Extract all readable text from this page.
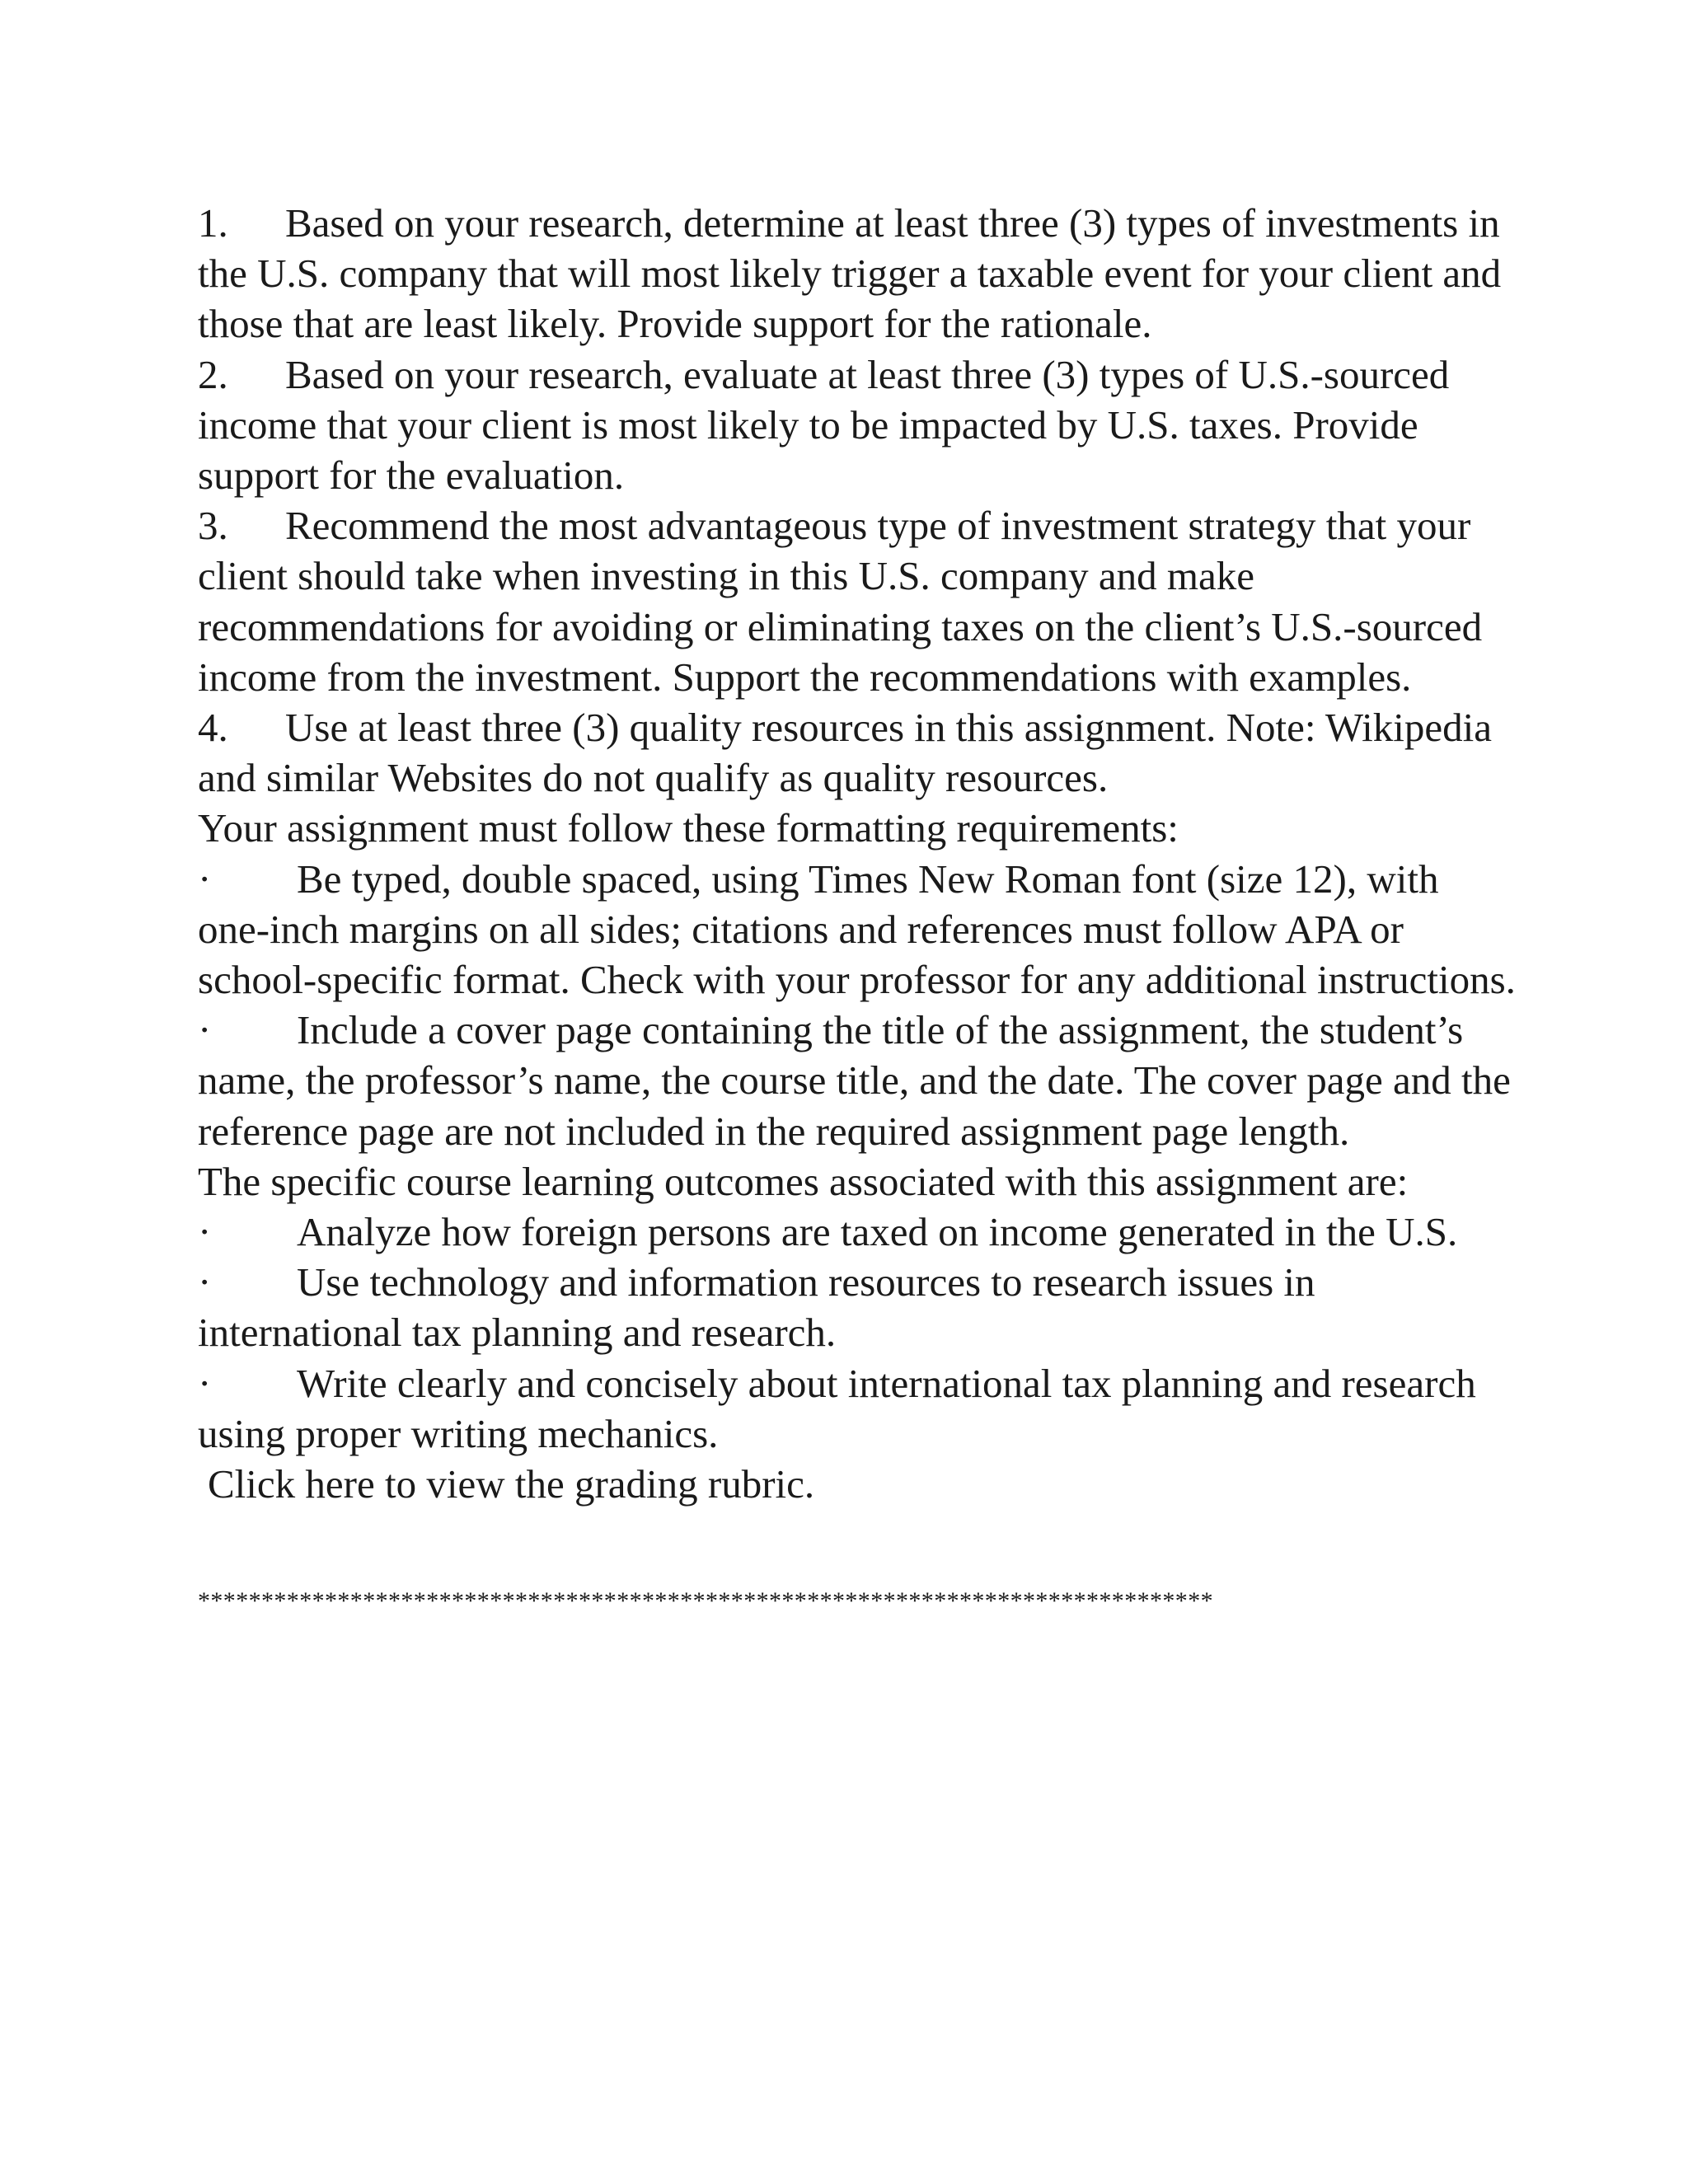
1. Based on your research, determine at least three (3) types of investments in the U.S. company that will most likely trigger a taxable event for your client and those that are least likely. Provide support for the rationale.
2. Based on your research, evaluate at least three (3) types of U.S.-sourced income that your client is most likely to be impacted by U.S. taxes. Provide support for the evaluation.
3. Recommend the most advantageous type of investment strategy that your client should take when investing in this U.S. company and make recommendations for avoiding or eliminating taxes on the client’s U.S.-sourced income from the investment. Support the recommendations with examples.
4. Use at least three (3) quality resources in this assignment. Note: Wikipedia and similar Websites do not qualify as quality resources.

Your assignment must follow these formatting requirements:

· Be typed, double spaced, using Times New Roman font (size 12), with one-inch margins on all sides; citations and references must follow APA or school-specific format. Check with your professor for any additional instructions.
· Include a cover page containing the title of the assignment, the student’s name, the professor’s name, the course title, and the date. The cover page and the reference page are not included in the required assignment page length.

The specific course learning outcomes associated with this assignment are:

· Analyze how foreign persons are taxed on income generated in the U.S.
· Use technology and information resources to research issues in international tax planning and research.
· Write clearly and concisely about international tax planning and research using proper writing mechanics.

Click here to view the grading rubric.

********************************************************************************
